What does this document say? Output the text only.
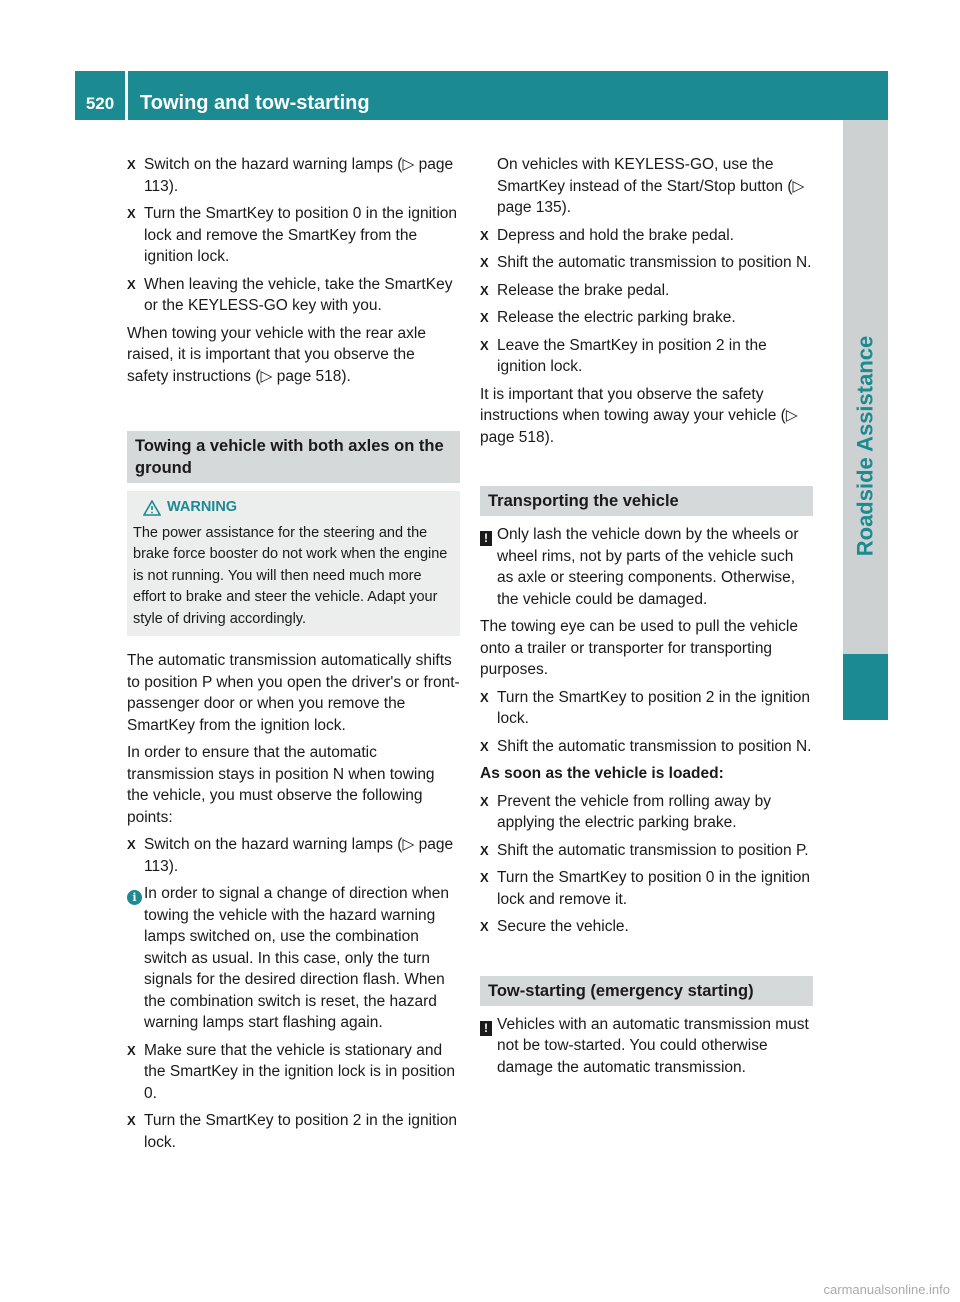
520	Towing and tow-starting
Roadside Assistance
X Switch on the hazard warning lamps (▷ page 113).
X Turn the SmartKey to position 0 in the ignition lock and remove the SmartKey from the ignition lock.
X When leaving the vehicle, take the SmartKey or the KEYLESS-GO key with you.

When towing your vehicle with the rear axle raised, it is important that you observe the safety instructions (▷ page 518).

Towing a vehicle with both axles on the ground
WARNING
The power assistance for the steering and the brake force booster do not work when the engine is not running. You will then need much more effort to brake and steer the vehicle. Adapt your style of driving accordingly.

The automatic transmission automatically shifts to position P when you open the driver's or front-passenger door or when you remove the SmartKey from the ignition lock.

In order to ensure that the automatic transmission stays in position N when towing the vehicle, you must observe the following points:

X Switch on the hazard warning lamps (▷ page 113).
i In order to signal a change of direction when towing the vehicle with the hazard warning lamps switched on, use the combination switch as usual. In this case, only the turn signals for the desired direction flash. When the combination switch is reset, the hazard warning lamps start flashing again.
X Make sure that the vehicle is stationary and the SmartKey in the ignition lock is in position 0.
X Turn the SmartKey to position 2 in the ignition lock.

On vehicles with KEYLESS-GO, use the SmartKey instead of the Start/Stop button (▷ page 135).

X Depress and hold the brake pedal.
X Shift the automatic transmission to position N.
X Release the brake pedal.
X Release the electric parking brake.
X Leave the SmartKey in position 2 in the ignition lock.

It is important that you observe the safety instructions when towing away your vehicle (▷ page 518).

Transporting the vehicle
! Only lash the vehicle down by the wheels or wheel rims, not by parts of the vehicle such as axle or steering components. Otherwise, the vehicle could be damaged.

The towing eye can be used to pull the vehicle onto a trailer or transporter for transporting purposes.

X Turn the SmartKey to position 2 in the ignition lock.
X Shift the automatic transmission to position N.

As soon as the vehicle is loaded:

X Prevent the vehicle from rolling away by applying the electric parking brake.
X Shift the automatic transmission to position P.
X Turn the SmartKey to position 0 in the ignition lock and remove it.
X Secure the vehicle.
Tow-starting (emergency starting)
! Vehicles with an automatic transmission must not be tow-started. You could otherwise damage the automatic transmission.
carmanualsonline.info
